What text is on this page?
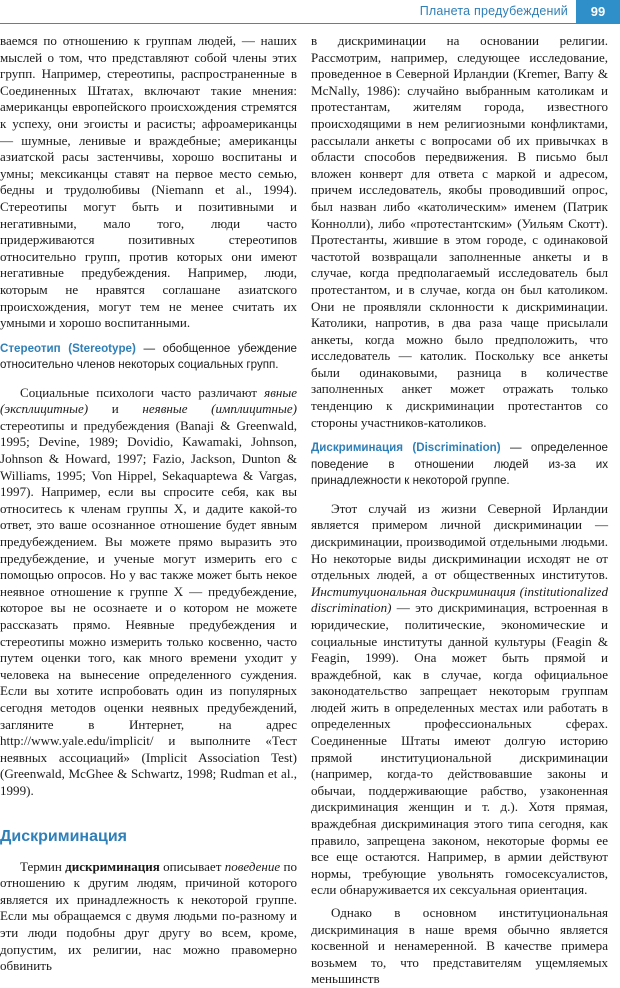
Планета предубеждений	99

ваемся по отношению к группам людей, — наших мыслей о том, что представляют собой члены этих групп. Например, стереотипы, распространенные в Соединенных Штатах, включают такие мнения: американцы европейского происхождения стремятся к успеху, они эгоисты и расисты; афроамериканцы — шумные, ленивые и враждебные; американцы азиатской расы застенчивы, хорошо воспитаны и умны; мексиканцы ставят на первое место семью, бедны и трудолюбивы (Niemann et al., 1994). Стереотипы могут быть и позитивными и негативными, мало того, люди часто придерживаются позитивных стереотипов относительно групп, против которых они имеют негативные предубеждения. Например, люди, которым не нравятся соглашане азиатского происхождения, могут тем не менее считать их умными и хорошо воспитанными.

Стереотип (Stereotype) — обобщенное убеждение относительно членов некоторых социальных групп.

Социальные психологи часто различают явные (эксплицитные) и неявные (имплицитные) стереотипы и предубеждения (Banaji & Greenwald, 1995; Devine, 1989; Dovidio, Kawamaki, Johnson, Johnson & Howard, 1997; Fazio, Jackson, Dunton & Williams, 1995; Von Hippel, Sekaquaptewa & Vargas, 1997). Например, если вы спросите себя, как вы относитесь к членам группы X, и дадите какой-то ответ, это ваше осознанное отношение будет явным предубеждением. Вы можете прямо выразить это предубеждение, и ученые могут измерить его с помощью опросов. Но у вас также может быть некое неявное отношение к группе X — предубеждение, которое вы не осознаете и о котором не можете рассказать прямо. Неявные предубеждения и стереотипы можно измерить только косвенно, часто путем оценки того, как много времени уходит у человека на вынесение определенного суждения. Если вы хотите испробовать один из популярных сегодня методов оценки неявных предубеждений, загляните в Интернет, на адрес http://www.yale.edu/implicit/ и выполните «Тест неявных ассоциаций» (Implicit Association Test) (Greenwald, McGhee & Schwartz, 1998; Rudman et al., 1999).

Дискриминация

Термин дискриминация описывает поведение по отношению к другим людям, причиной которого является их принадлежность к некоторой группе. Если мы обращаемся с двумя людьми по-разному и эти люди подобны друг другу во всем, кроме, допустим, их религии, нас можно правомерно обвинить

в дискриминации на основании религии. Рассмотрим, например, следующее исследование, проведенное в Северной Ирландии (Kremer, Barry & McNally, 1986): случайно выбранным католикам и протестантам, жителям города, известного происходящими в нем религиозными конфликтами, рассылали анкеты с вопросами об их привычках в области способов передвижения. В письмо был вложен конверт для ответа с маркой и адресом, причем исследователь, якобы проводивший опрос, был назван либо «католическим» именем (Патрик Коннолли), либо «протестантским» (Уильям Скотт). Протестанты, жившие в этом городе, с одинаковой частотой возвращали заполненные анкеты и в случае, когда предполагаемый исследователь был протестантом, и в случае, когда он был католиком. Они не проявляли склонности к дискриминации. Католики, напротив, в два раза чаще присылали анкеты, когда можно было предположить, что исследователь — католик. Поскольку все анкеты были одинаковыми, разница в количестве заполненных анкет может отражать только тенденцию к дискриминации протестантов со стороны участников-католиков.

Дискриминация (Discrimination) — определенное поведение в отношении людей из-за их принадлежности к некоторой группе.

Этот случай из жизни Северной Ирландии является примером личной дискриминации — дискриминации, производимой отдельными людьми. Но некоторые виды дискриминации исходят не от отдельных людей, а от общественных институтов. Институциональная дискриминация (institutionalized discrimination) — это дискриминация, встроенная в юридические, политические, экономические и социальные институты данной культуры (Feagin & Feagin, 1999). Она может быть прямой и враждебной, как в случае, когда официальное законодательство запрещает некоторым группам людей жить в определенных местах или работать в определенных профессиональных сферах. Соединенные Штаты имеют долгую историю прямой институциональной дискриминации (например, когда-то действовавшие законы и обычаи, поддерживающие рабство, узаконенная дискриминация женщин и т. д.). Хотя прямая, враждебная дискриминация этого типа сегодня, как правило, запрещена законом, некоторые формы ее все еще остаются. Например, в армии действуют нормы, требующие увольнять гомосексуалистов, если обнаруживается их сексуальная ориентация.

Однако в основном институциональная дискриминация в наше время обычно является косвенной и ненамеренной. В качестве примера возьмем то, что представителям ущемляемых меньшинств
